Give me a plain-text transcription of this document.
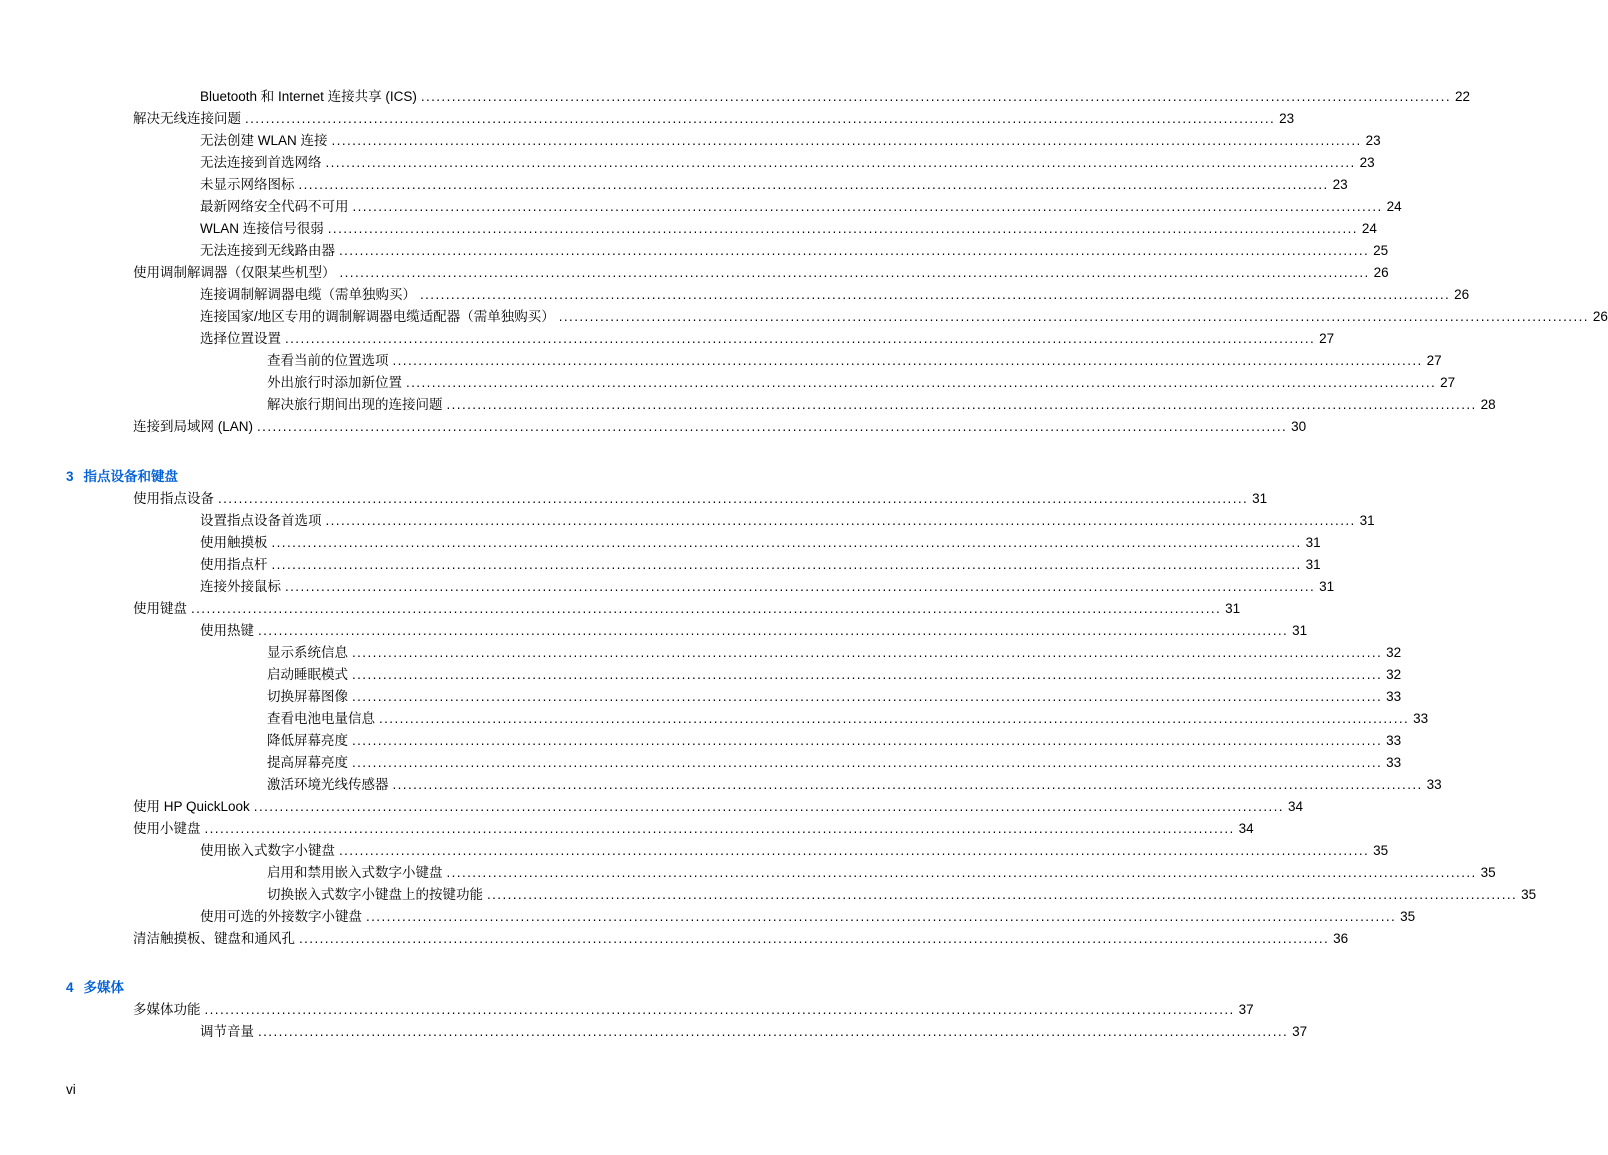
Bluetooth 和 Internet 连接共享 (ICS) ........................................................................................................................................................................................................ 22
解决无线连接问题 ........................................................................................................................................................................................................ 23
无法创建 WLAN 连接 ........................................................................................................................................................................................................ 23
无法连接到首选网络 ........................................................................................................................................................................................................ 23
未显示网络图标 ........................................................................................................................................................................................................ 23
最新网络安全代码不可用 ........................................................................................................................................................................................................ 24
WLAN 连接信号很弱 ........................................................................................................................................................................................................ 24
无法连接到无线路由器 ........................................................................................................................................................................................................ 25
使用调制解调器（仅限某些机型） ........................................................................................................................................................................................................ 26
连接调制解调器电缆（需单独购买） ........................................................................................................................................................................................................ 26
连接国家/地区专用的调制解调器电缆适配器（需单独购买） ........................................................................................................................................................................................................ 26
选择位置设置 ........................................................................................................................................................................................................ 27
查看当前的位置选项 ........................................................................................................................................................................................................ 27
外出旅行时添加新位置 ........................................................................................................................................................................................................ 27
解决旅行期间出现的连接问题 ........................................................................................................................................................................................................ 28
连接到局域网 (LAN) ........................................................................................................................................................................................................ 30
3 指点设备和键盘
使用指点设备 ........................................................................................................................................................................................................ 31
设置指点设备首选项 ........................................................................................................................................................................................................ 31
使用触摸板 ........................................................................................................................................................................................................ 31
使用指点杆 ........................................................................................................................................................................................................ 31
连接外接鼠标 ........................................................................................................................................................................................................ 31
使用键盘 ........................................................................................................................................................................................................ 31
使用热键 ........................................................................................................................................................................................................ 31
显示系统信息 ........................................................................................................................................................................................................ 32
启动睡眠模式 ........................................................................................................................................................................................................ 32
切换屏幕图像 ........................................................................................................................................................................................................ 33
查看电池电量信息 ........................................................................................................................................................................................................ 33
降低屏幕亮度 ........................................................................................................................................................................................................ 33
提高屏幕亮度 ........................................................................................................................................................................................................ 33
激活环境光线传感器 ........................................................................................................................................................................................................ 33
使用 HP QuickLook ........................................................................................................................................................................................................ 34
使用小键盘 ........................................................................................................................................................................................................ 34
使用嵌入式数字小键盘 ........................................................................................................................................................................................................ 35
启用和禁用嵌入式数字小键盘 ........................................................................................................................................................................................................ 35
切换嵌入式数字小键盘上的按键功能 ........................................................................................................................................................................................................ 35
使用可选的外接数字小键盘 ........................................................................................................................................................................................................ 35
清洁触摸板、键盘和通风孔 ........................................................................................................................................................................................................ 36
4 多媒体
多媒体功能 ........................................................................................................................................................................................................ 37
调节音量 ........................................................................................................................................................................................................ 37
vi
